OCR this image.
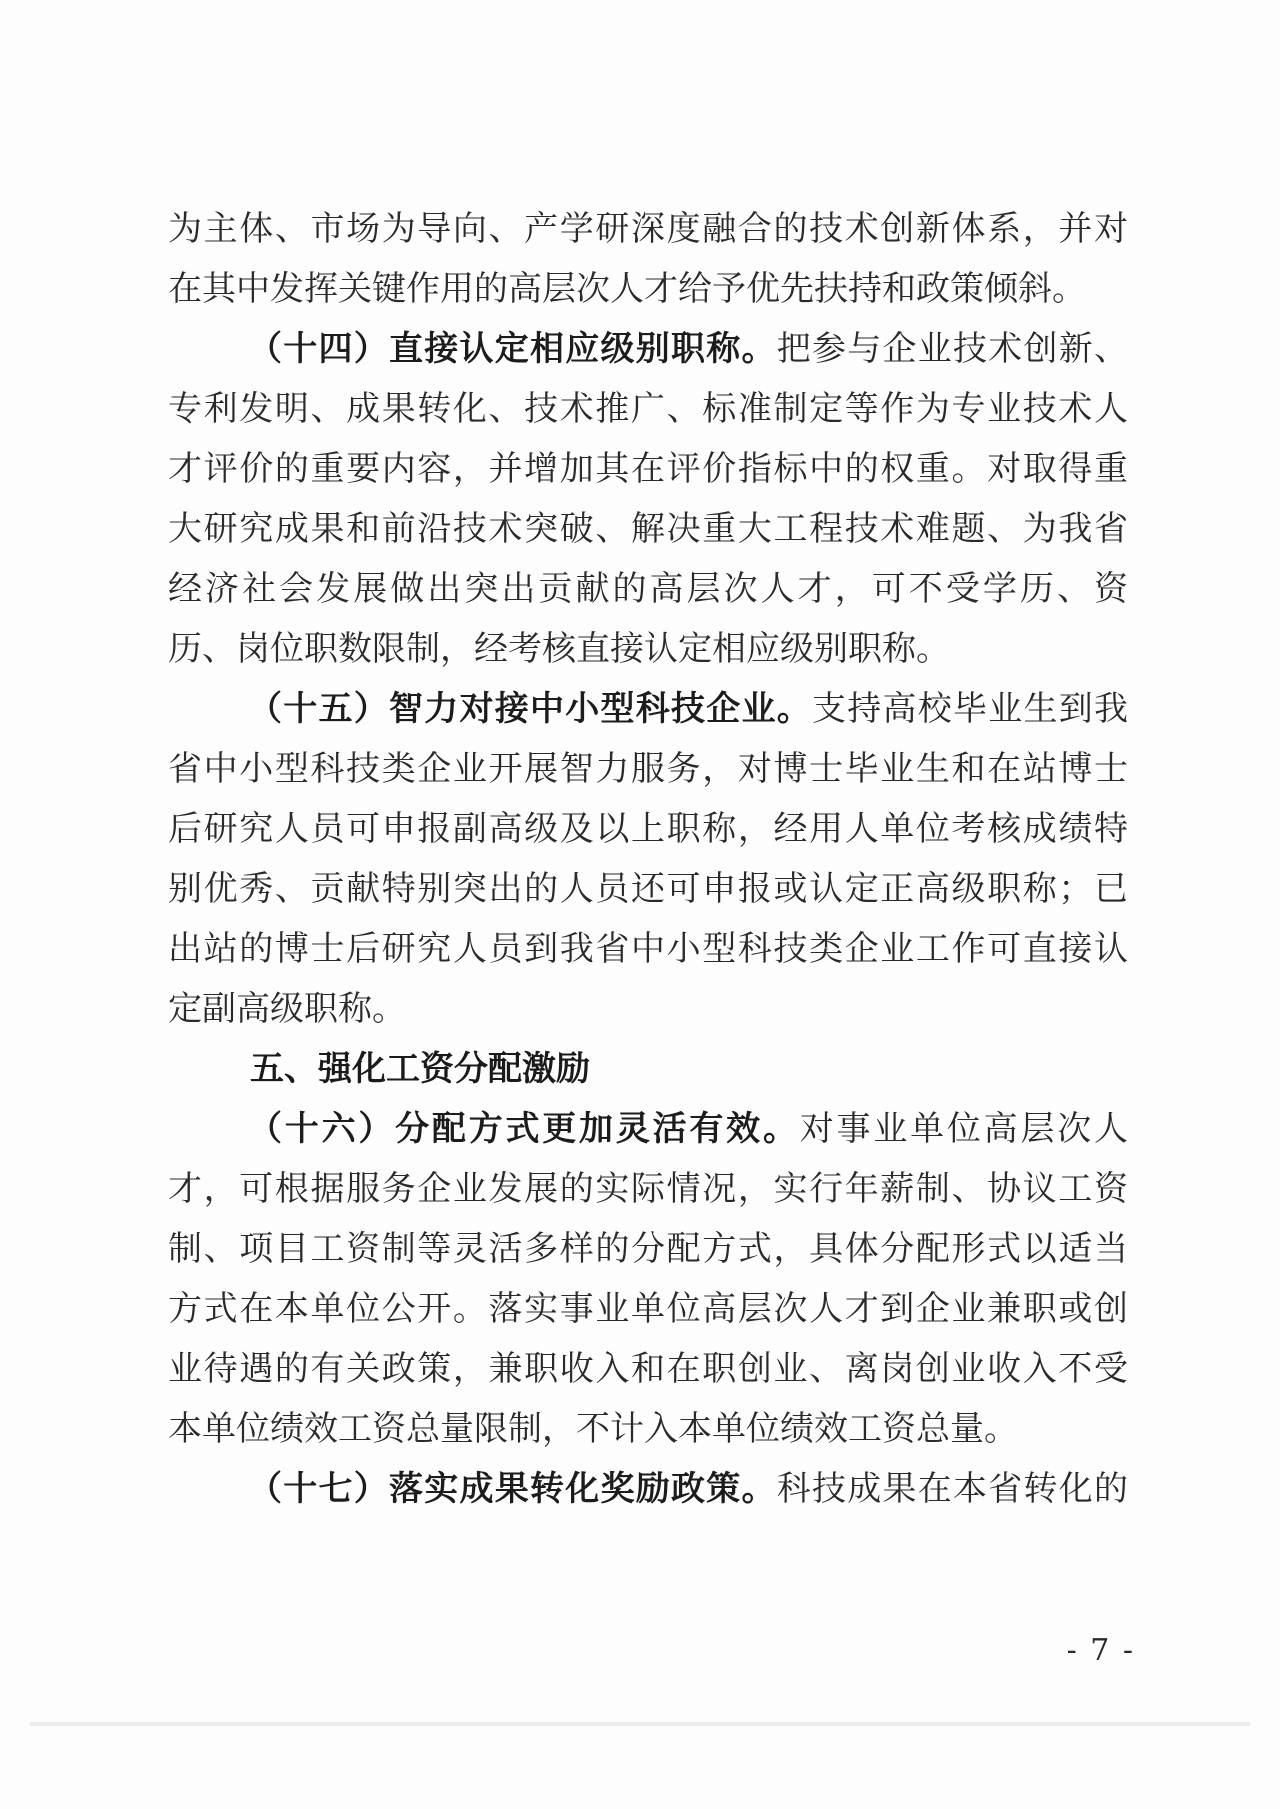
为主体、市场为导向、产学研深度融合的技术创新体系，并对
在其中发挥关键作用的高层次人才给予优先扶持和政策倾斜。
（十四）直接认定相应级别职称。把参与企业技术创新、
专利发明、成果转化、技术推广、标准制定等作为专业技术人
才评价的重要内容，并增加其在评价指标中的权重。对取得重
大研究成果和前沿技术突破、解决重大工程技术难题、为我省
经济社会发展做出突出贡献的高层次人才，可不受学历、资
历、岗位职数限制，经考核直接认定相应级别职称。
（十五）智力对接中小型科技企业。支持高校毕业生到我
省中小型科技类企业开展智力服务，对博士毕业生和在站博士
后研究人员可申报副高级及以上职称，经用人单位考核成绩特
别优秀、贡献特别突出的人员还可申报或认定正高级职称；已
出站的博士后研究人员到我省中小型科技类企业工作可直接认
定副高级职称。
五、强化工资分配激励
（十六）分配方式更加灵活有效。对事业单位高层次人
才，可根据服务企业发展的实际情况，实行年薪制、协议工资
制、项目工资制等灵活多样的分配方式，具体分配形式以适当
方式在本单位公开。落实事业单位高层次人才到企业兼职或创
业待遇的有关政策，兼职收入和在职创业、离岗创业收入不受
本单位绩效工资总量限制，不计入本单位绩效工资总量。
（十七）落实成果转化奖励政策。科技成果在本省转化的
- 7 -
